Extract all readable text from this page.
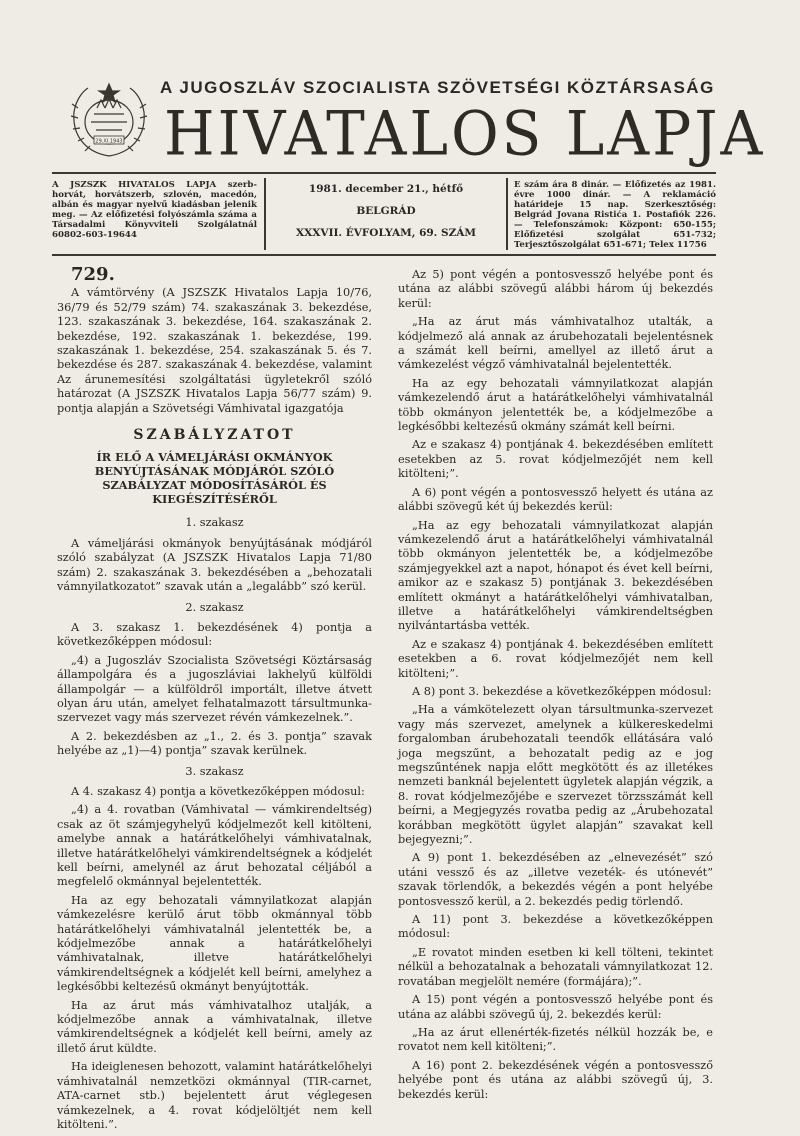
29.XI.1943
A JUGOSZLÁV SZOCIALISTA SZÖVETSÉGI KÖZTÁRSASÁG
HIVATALOS LAPJA
A JSZSZK HIVATALOS LAPJA szerb-horvát, horvátszerb, szlovén, macedón, albán és magyar nyelvű kiadásban jelenik meg. — Az előfizetési folyószámla száma a Társadalmi Könyvviteli Szolgálatnál 60802-603-19644
1981. december 21., hétfő
BELGRÁD
XXXVII. ÉVFOLYAM, 69. SZÁM
E szám ára 8 dinár. — Előfizetés az 1981. évre 1000 dinár. — A reklamáció határideje 15 nap. Szerkesztőség: Belgrád Jovana Ristića 1. Postafiók 226. — Telefonszámok: Központ: 650-155; Előfizetési szolgálat 651-732; Terjesztőszolgálat 651-671; Telex 11756

729.

A vámtörvény (A JSZSZK Hivatalos Lapja 10/76, 36/79 és 52/79 szám) 74. szakaszának 3. bekezdése, 123. szakaszának 3. bekezdése, 164. szakaszának 2. bekezdése, 192. szakaszának 1. bekezdése, 199. szakaszának 1. bekezdése, 254. szakaszának 5. és 7. bekezdése és 287. szakaszának 4. bekezdése, valamint Az árunemesítési szolgáltatási ügyletekről szóló határozat (A JSZSZK Hivatalos Lapja 56/77 szám) 9. pontja alapján a Szövetségi Vámhivatal igazgatója

SZABÁLYZATOT
ÍR ELŐ A VÁMELJÁRÁSI OKMÁNYOK BENYÚJTÁSÁNAK MÓDJÁRÓL SZÓLÓ SZABÁLYZAT MÓDOSÍTÁSÁRÓL ÉS KIEGÉSZÍTÉSÉRŐL
1. szakasz

A vámeljárási okmányok benyújtásának módjáról szóló szabályzat (A JSZSZK Hivatalos Lapja 71/80 szám) 2. szakaszának 3. bekezdésében a „behozatali vámnyilatkozatot” szavak után a „legalább” szó kerül.

2. szakasz

A 3. szakasz 1. bekezdésének 4) pontja a következőképpen módosul:

„4) a Jugoszláv Szocialista Szövetségi Köztársaság állampolgára és a jugoszláviai lakhelyű külföldi állampolgár — a külföldről importált, illetve átvett olyan áru után, amelyet felhatalmazott társultmunka-szervezet vagy más szervezet révén vámkezelnek.”.

A 2. bekezdésben az „1., 2. és 3. pontja” szavak helyébe az „1)—4) pontja” szavak kerülnek.

3. szakasz

A 4. szakasz 4) pontja a következőképpen módosul:

„4) a 4. rovatban (Vámhivatal — vámkirendeltség) csak az öt számjegyhelyű kódjelmezőt kell kitölteni, amelybe annak a határátkelőhelyi vámhivatalnak, illetve határátkelőhelyi vámkirendeltségnek a kódjelét kell beírni, amelynél az árut behozatal céljából a megfelelő okmánnyal bejelentették.

Ha az egy behozatali vámnyilatkozat alapján vámkezelésre kerülő árut több okmánnyal több határátkelőhelyi vámhivatalnál jelentették be, a kódjelmezőbe annak a határátkelőhelyi vámhivatalnak, illetve határátkelőhelyi vámkirendeltségnek a kódjelét kell beírni, amelyhez a legkésőbbi keltezésű okmányt benyújtották.

Ha az árut más vámhivatalhoz utalják, a kódjelmezőbe annak a vámhivatalnak, illetve vámkirendeltségnek a kódjelét kell beírni, amely az illető árut küldte.

Ha ideiglenesen behozott, valamint határátkelőhelyi vámhivatalnál nemzetközi okmánnyal (TIR-carnet, ATA-carnet stb.) bejelentett árut véglegesen vámkezelnek, a 4. rovat kódjelöltjét nem kell kitölteni.”.

Az 5) pont végén a pontosvessző helyébe pont és utána az alábbi szövegű alábbi három új bekezdés kerül:

„Ha az árut más vámhivatalhoz utalták, a kódjelmező alá annak az árubehozatali bejelentésnek a számát kell beírni, amellyel az illető árut a vámkezelést végző vámhivatalnál bejelentették.

Ha az egy behozatali vámnyilatkozat alapján vámkezelendő árut a határátkelőhelyi vámhivatalnál több okmányon jelentették be, a kódjelmezőbe a legkésőbbi keltezésű okmány számát kell beírni.

Az e szakasz 4) pontjának 4. bekezdésében említett esetekben az 5. rovat kódjelmezőjét nem kell kitölteni;”.

A 6) pont végén a pontosvessző helyett és utána az alábbi szövegű két új bekezdés kerül:

„Ha az egy behozatali vámnyilatkozat alapján vámkezelendő árut a határátkelőhelyi vámhivatalnál több okmányon jelentették be, a kódjelmezőbe számjegyekkel azt a napot, hónapot és évet kell beírni, amikor az e szakasz 5) pontjának 3. bekezdésében említett okmányt a határátkelőhelyi vámhivatalban, illetve a határátkelőhelyi vámkirendeltségben nyilvántartásba vették.

Az e szakasz 4) pontjának 4. bekezdésében említett esetekben a 6. rovat kódjelmezőjét nem kell kitölteni;”.

A 8) pont 3. bekezdése a következőképpen módosul:

„Ha a vámkötelezett olyan társultmunka-szervezet vagy más szervezet, amelynek a külkereskedelmi forgalomban árubehozatali teendők ellátására való joga megszűnt, a behozatalt pedig az e jog megszűntének napja előtt megkötött és az illetékes nemzeti banknál bejelentett ügyletek alapján végzik, a 8. rovat kódjelmezőjébe e szervezet törzsszámát kell beírni, a Megjegyzés rovatba pedig az „Árubehozatal korábban megkötött ügylet alapján” szavakat kell bejegyezni;”.

A 9) pont 1. bekezdésében az „elnevezését” szó utáni vessző és az „illetve vezeték- és utónevét” szavak törlendők, a bekezdés végén a pont helyébe pontosvessző kerül, a 2. bekezdés pedig törlendő.

A 11) pont 3. bekezdése a következőképpen módosul:

„E rovatot minden esetben ki kell tölteni, tekintet nélkül a behozatalnak a behozatali vámnyilatkozat 12. rovatában megjelölt nemére (formájára);”.

A 15) pont végén a pontosvessző helyébe pont és utána az alábbi szövegű új, 2. bekezdés kerül:

„Ha az árut ellenérték-fizetés nélkül hozzák be, e rovatot nem kell kitölteni;”.

A 16) pont 2. bekezdésének végén a pontosvessző helyébe pont és utána az alábbi szövegű új, 3. bekezdés kerül:
